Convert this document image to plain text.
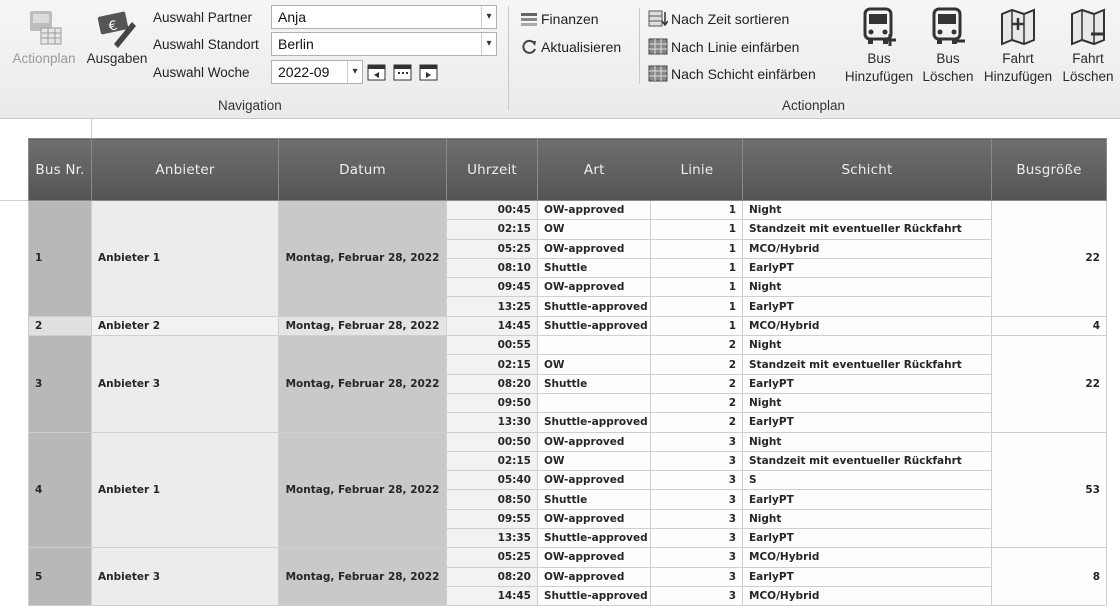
Actionplan
€
Ausgaben
Auswahl Partner	Anja	▾
Auswahl Standort	Berlin	▾
Auswahl Woche	2022-09	▾
Navigation
Finanzen
Aktualisieren
Nach Zeit sortieren
Nach Linie einfärben
Nach Schicht einfärben
Bus
Hinzufügen
Bus
Löschen
Fahrt
Hinzufügen
Fahrt
Löschen
Actionplan
Bus Nr.	Anbieter	Datum	Uhrzeit	Art	Linie	Schicht	Busgröße
1	Anbieter 1	Montag, Februar 28, 2022	00:45	OW-approved	1	Night	22
			02:15	OW	1	Standzeit mit eventueller Rückfahrt	
			05:25	OW-approved	1	MCO/Hybrid	
			08:10	Shuttle	1	EarlyPT	
			09:45	OW-approved	1	Night	
			13:25	Shuttle-approved	1	EarlyPT	
2	Anbieter 2	Montag, Februar 28, 2022	14:45	Shuttle-approved	1	MCO/Hybrid	4
3	Anbieter 3	Montag, Februar 28, 2022	00:55		2	Night	22
			02:15	OW	2	Standzeit mit eventueller Rückfahrt	
			08:20	Shuttle	2	EarlyPT	
			09:50		2	Night	
			13:30	Shuttle-approved	2	EarlyPT	
4	Anbieter 1	Montag, Februar 28, 2022	00:50	OW-approved	3	Night	53
			02:15	OW	3	Standzeit mit eventueller Rückfahrt	
			05:40	OW-approved	3	S	
			08:50	Shuttle	3	EarlyPT	
			09:55	OW-approved	3	Night	
			13:35	Shuttle-approved	3	EarlyPT	
5	Anbieter 3	Montag, Februar 28, 2022	05:25	OW-approved	3	MCO/Hybrid	8
			08:20	OW-approved	3	EarlyPT	
			14:45	Shuttle-approved	3	MCO/Hybrid	
